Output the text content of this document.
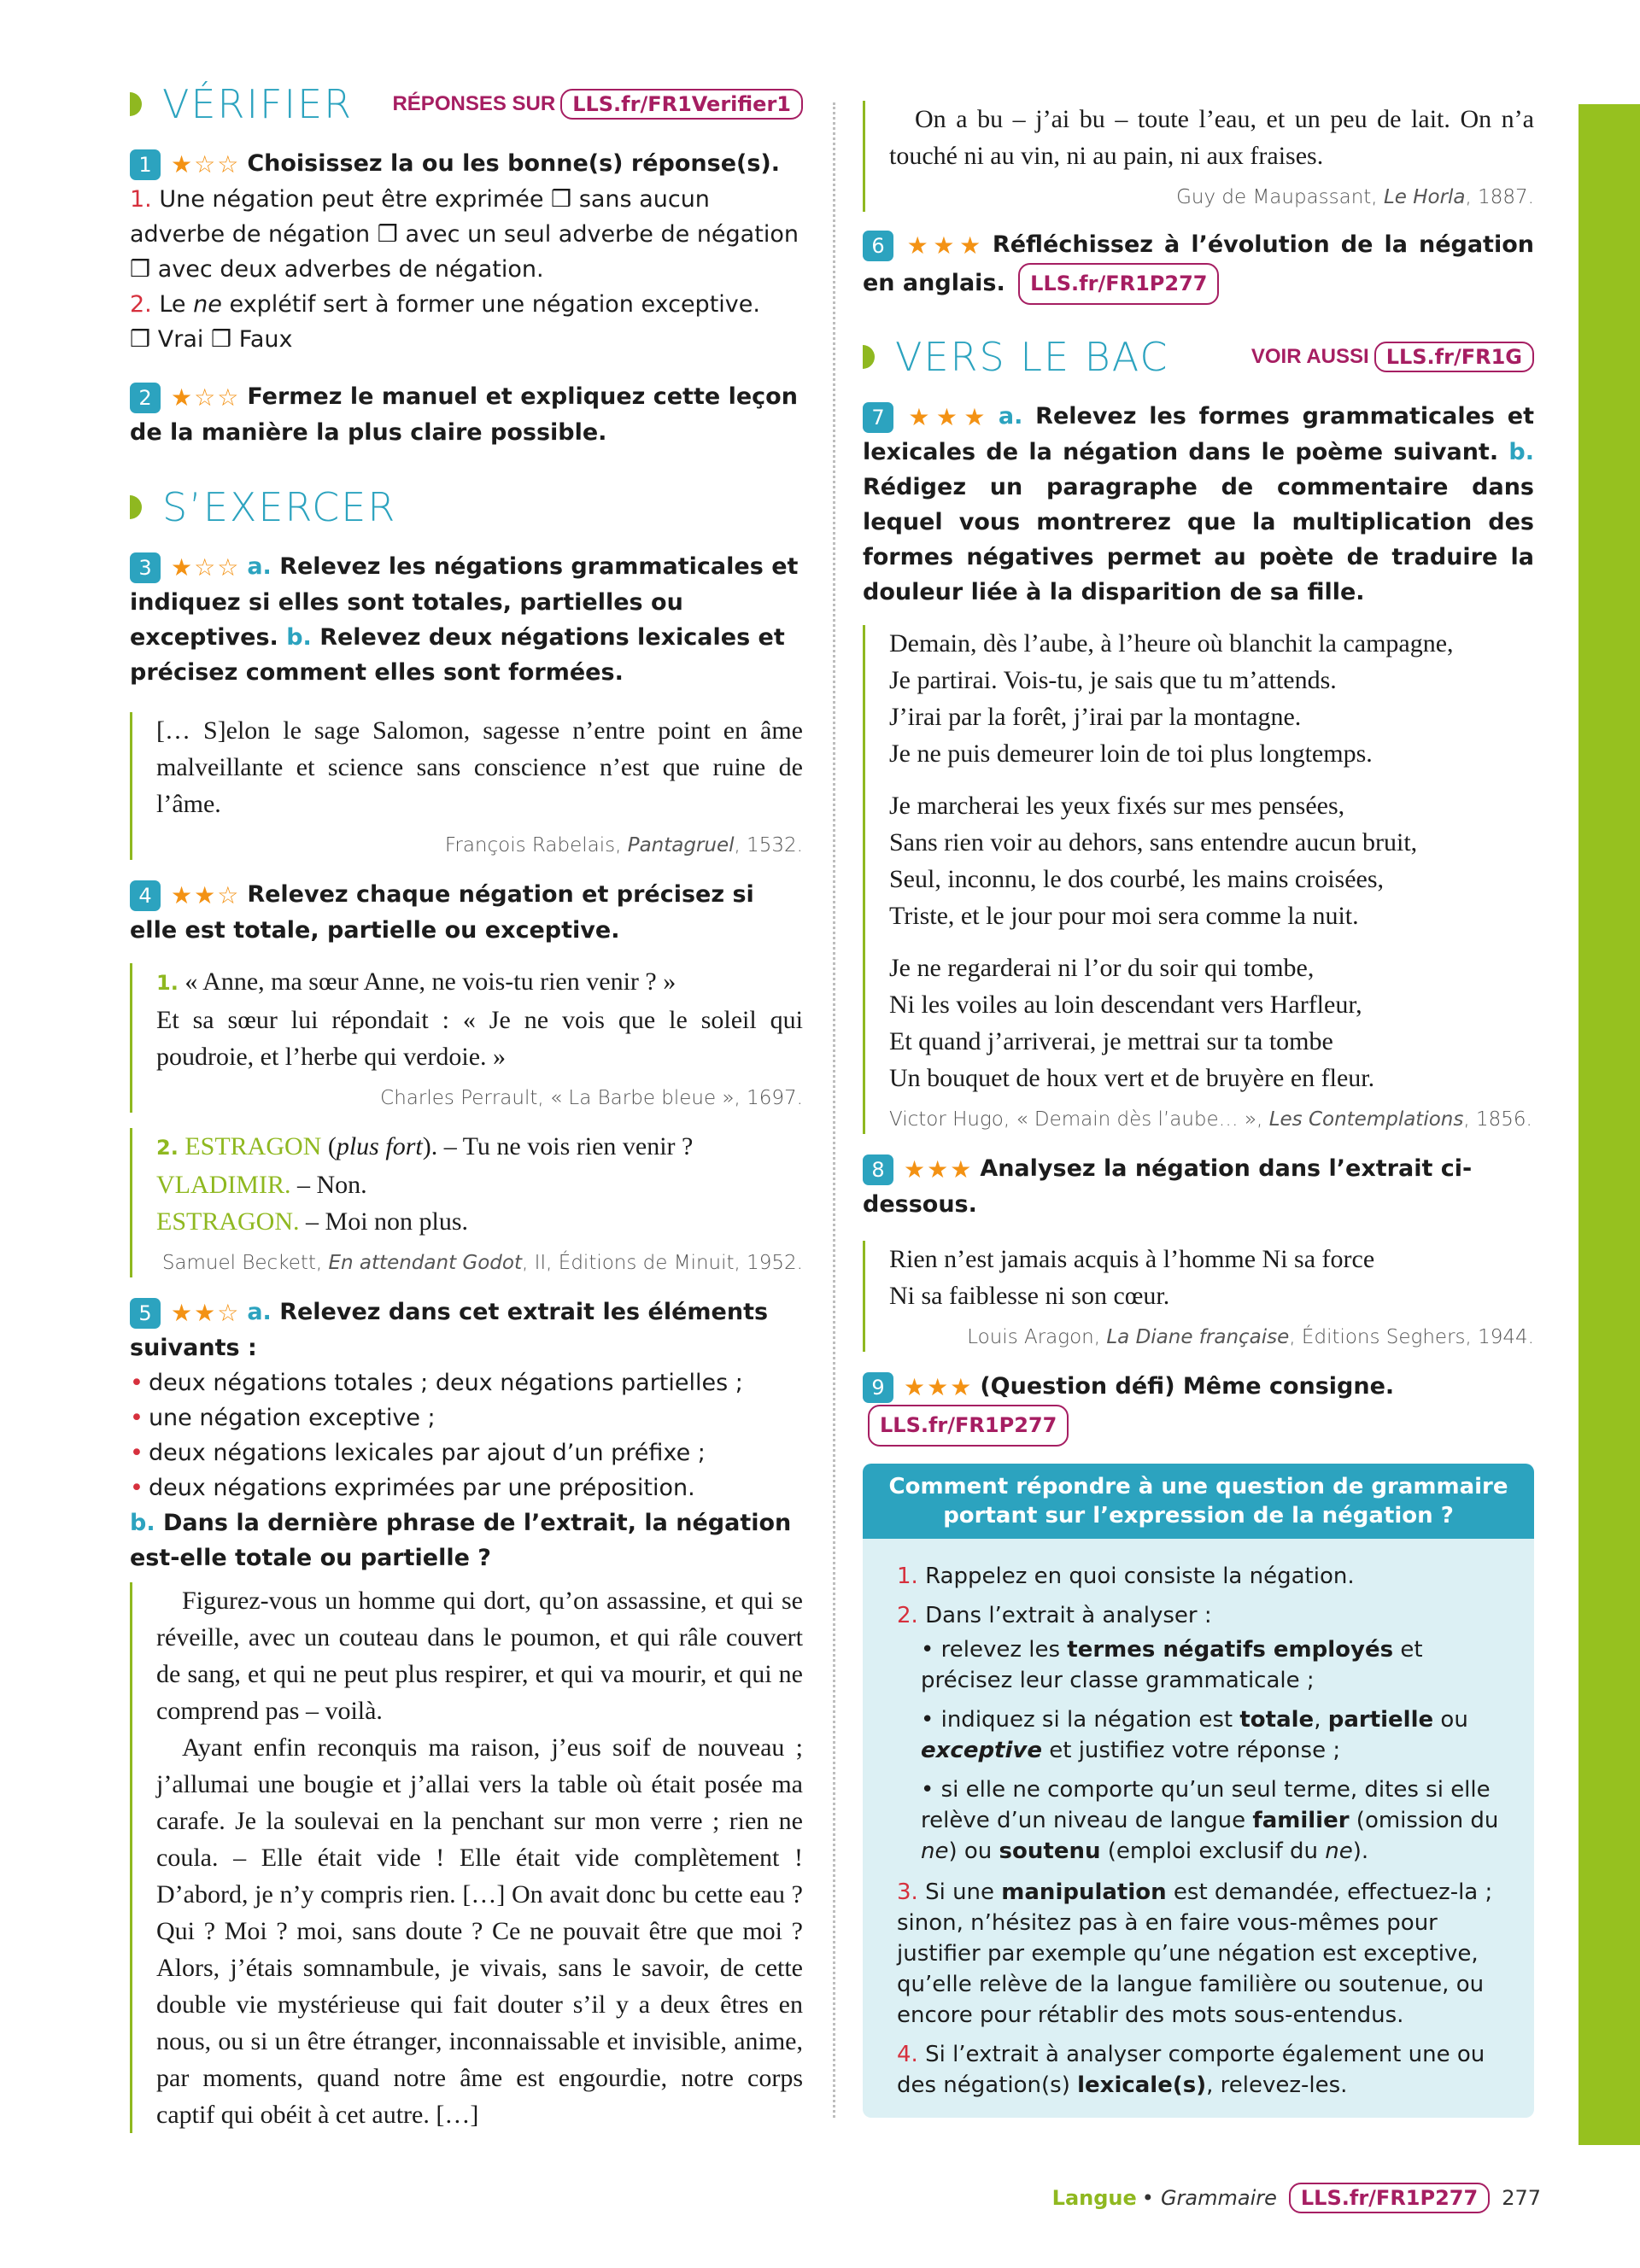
VÉRIFIER RÉPONSES SUR LLS.fr/FR1Verifier1
1 ★☆☆ Choisissez la ou les bonne(s) réponse(s).

1. Une négation peut être exprimée ❒ sans aucun adverbe de négation ❒ avec un seul adverbe de négation ❒ avec deux adverbes de négation.

2. Le ne explétif sert à former une négation exceptive.

❒ Vrai ❒ Faux

2 ★☆☆ Fermez le manuel et expliquez cette leçon de la manière la plus claire possible.
S’EXERCER
3 ★☆☆ a. Relevez les négations grammaticales et indiquez si elles sont totales, partielles ou exceptives. b. Relevez deux négations lexicales et précisez comment elles sont formées.

[… S]elon le sage Salomon, sagesse n’entre point en âme malveillante et science sans conscience n’est que ruine de l’âme.

François Rabelais, Pantagruel, 1532.
4 ★★☆ Relevez chaque négation et précisez si elle est totale, partielle ou exceptive.

1. « Anne, ma sœur Anne, ne vois-tu rien venir ? »

Et sa sœur lui répondait : « Je ne vois que le soleil qui poudroie, et l’herbe qui verdoie. »

Charles Perrault, « La Barbe bleue », 1697.

2. ESTRAGON (plus fort). – Tu ne vois rien venir ?

VLADIMIR. – Non.

ESTRAGON. – Moi non plus.

Samuel Beckett, En attendant Godot, II, Éditions de Minuit, 1952.
5 ★★☆ a. Relevez dans cet extrait les éléments suivants :

• deux négations totales ; deux négations partielles ;

• une négation exceptive ;

• deux négations lexicales par ajout d’un préfixe ;

• deux négations exprimées par une préposition.

b. Dans la dernière phrase de l’extrait, la négation est-elle totale ou partielle ?

Figurez-vous un homme qui dort, qu’on assassine, et qui se réveille, avec un couteau dans le poumon, et qui râle couvert de sang, et qui ne peut plus respirer, et qui va mourir, et qui ne comprend pas – voilà.

Ayant enfin reconquis ma raison, j’eus soif de nouveau ; j’allumai une bougie et j’allai vers la table où était posée ma carafe. Je la soulevai en la penchant sur mon verre ; rien ne coula. – Elle était vide ! Elle était vide complètement ! D’abord, je n’y compris rien. […] On avait donc bu cette eau ? Qui ? Moi ? moi, sans doute ? Ce ne pouvait être que moi ? Alors, j’étais somnambule, je vivais, sans le savoir, de cette double vie mystérieuse qui fait douter s’il y a deux êtres en nous, ou si un être étranger, inconnaissable et invisible, anime, par moments, quand notre âme est engourdie, notre corps captif qui obéit à cet autre. […]

On a bu – j’ai bu – toute l’eau, et un peu de lait. On n’a touché ni au vin, ni au pain, ni aux fraises.

Guy de Maupassant, Le Horla, 1887.
6 ★★★ Réfléchissez à l’évolution de la négation en anglais. LLS.fr/FR1P277
VERS LE BAC	VOIR AUSSI LLS.fr/FR1G
7 ★★★ a. Relevez les formes grammaticales et lexicales de la négation dans le poème suivant. b. Rédigez un paragraphe de commentaire dans lequel vous montrerez que la multiplication des formes négatives permet au poète de traduire la douleur liée à la disparition de sa fille.

Demain, dès l’aube, à l’heure où blanchit la campagne,

Je partirai. Vois-tu, je sais que tu m’attends.

J’irai par la forêt, j’irai par la montagne.

Je ne puis demeurer loin de toi plus longtemps.

Je marcherai les yeux fixés sur mes pensées,

Sans rien voir au dehors, sans entendre aucun bruit,

Seul, inconnu, le dos courbé, les mains croisées,

Triste, et le jour pour moi sera comme la nuit.

Je ne regarderai ni l’or du soir qui tombe,

Ni les voiles au loin descendant vers Harfleur,

Et quand j’arriverai, je mettrai sur ta tombe

Un bouquet de houx vert et de bruyère en fleur.

Victor Hugo, « Demain dès l’aube… », Les Contemplations, 1856.
8 ★★★ Analysez la négation dans l’extrait ci-dessous.

Rien n’est jamais acquis à l’homme Ni sa force

Ni sa faiblesse ni son cœur.

Louis Aragon, La Diane française, Éditions Seghers, 1944.
9 ★★★ (Question défi) Même consigne. LLS.fr/FR1P277
Comment répondre à une question de grammaire portant sur l’expression de la négation ?

1. Rappelez en quoi consiste la négation.

2. Dans l’extrait à analyser :

• relevez les termes négatifs employés et précisez leur classe grammaticale ;
• indiquez si la négation est totale, partielle ou exceptive et justifiez votre réponse ;
• si elle ne comporte qu’un seul terme, dites si elle relève d’un niveau de langue familier (omission du ne) ou soutenu (emploi exclusif du ne).

3. Si une manipulation est demandée, effectuez-la ; sinon, n’hésitez pas à en faire vous-mêmes pour justifier par exemple qu’une négation est exceptive, qu’elle relève de la langue familière ou soutenue, ou encore pour rétablir des mots sous-entendus.

4. Si l’extrait à analyser comporte également une ou des négation(s) lexicale(s), relevez-les.

Langue • Grammaire	LLS.fr/FR1P277	277
